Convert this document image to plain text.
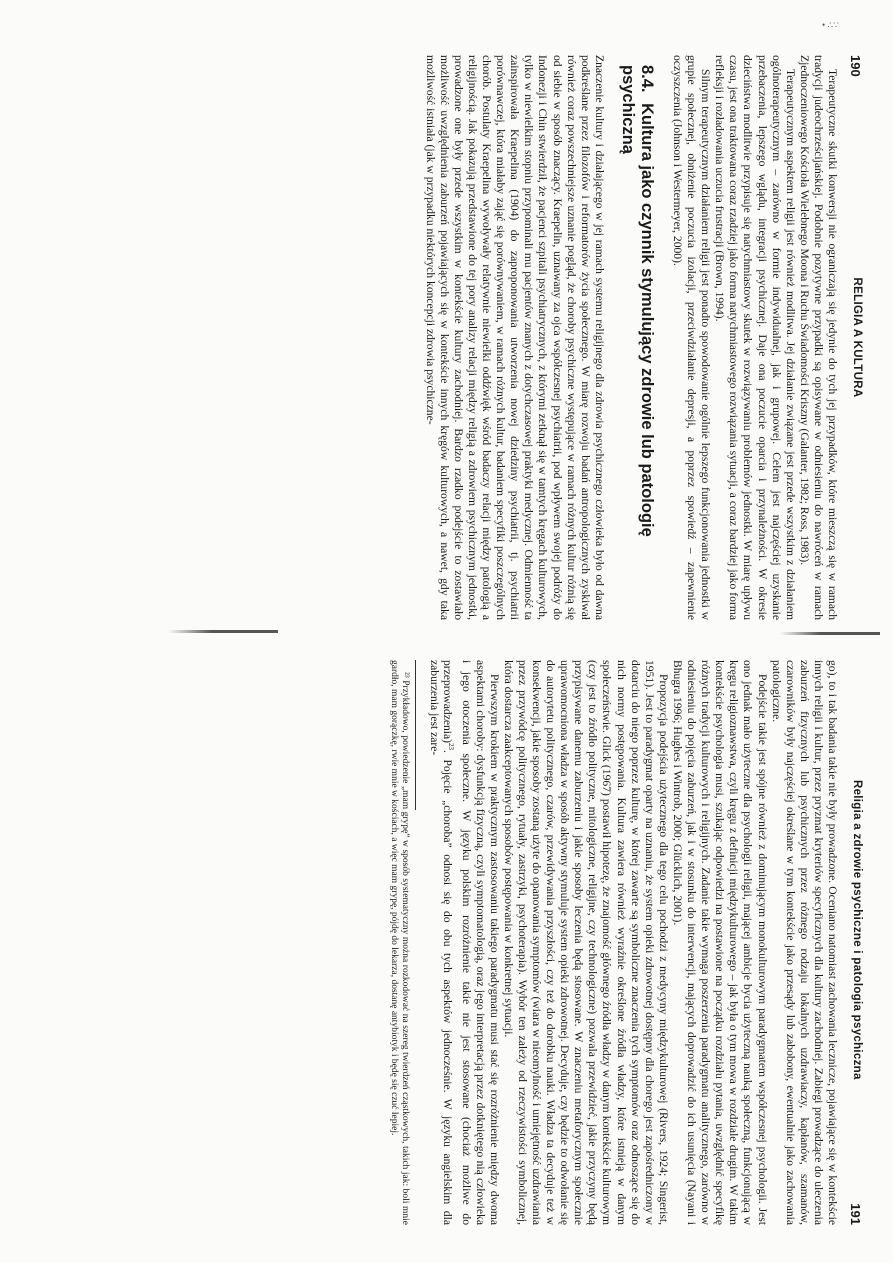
• ∴∵
190
RELIGIA A KULTURA

Terapeutyczne skutki konwersji nie ograniczają się jedynie do tych jej przypadków, które mieszczą się w ramach tradycji judeochrześcijańskiej. Podobnie pozytywne przypadki są opisywane w odniesieniu do nawróceń w ramach Zjednoczeniowego Kościoła Wielebnego Moona i Ruchu Świadomości Kriszny (Galanter, 1982; Ross, 1983).

Terapeutycznym aspektem religii jest również modlitwa. Jej działanie związane jest przede wszystkim z działaniem ogólnoterapeutycznym – zarówno w formie indywidualnej, jak i grupowej. Celem jest najczęściej uzyskanie przebaczenia, lepszego wglądu, integracji psychicznej. Daje ona poczucie oparcia i przynależności. W okresie dzieciństwa modlitwie przypisuje się natychmiastowy skutek w rozwiązywaniu problemów jednostki. W miarę upływu czasu, jest ona traktowana coraz rzadziej jako forma natychmiastowego rozwiązania sytuacji, a coraz bardziej jako forma refleksji i rozładowania uczucia frustracji (Brown, 1994).

Silnym terapeutycznym działaniem religii jest ponadto spowodowanie ogólnie lepszego funkcjonowania jednostki w grupie społecznej, obniżenie poczucia izolacji, przeciwdziałanie depresji, a poprzez spowiedź – zapewnienie oczyszczenia (Johnson i Westermeyer, 2000).

8.4. Kultura jako czynnik stymulujący zdrowie lub patologię psychiczną

Znaczenie kultury i działającego w jej ramach systemu religijnego dla zdrowia psychicznego człowieka było od dawna podkreślane przez filozofów i reformatorów życia społecznego. W miarę rozwoju badań antropologicznych zyskiwał również coraz powszechniejsze uznanie pogląd, że choroby psychiczne występujące w ramach różnych kultur różnią się od siebie w sposób znaczący. Kraepelin, uznawany za ojca współczesnej psychiatrii, pod wpływem swojej podróży do Indonezji i Chin stwierdził, że pacjenci szpitali psychiatrycznych, z którymi zetknął się w tamtych kręgach kulturowych, tylko w niewielkim stopniu przypominali mu pacjentów znanych z dotychczasowej praktyki medycznej. Odmienność ta zainspirowała Kraepelina (1904) do zaproponowania utworzenia nowej dziedziny psychiatrii, tj. psychiatrii porównawczej, która miałaby zająć się porównywaniem, w ramach różnych kultur, badaniem specyfiki poszczególnych chorób. Postulaty Kraepelina wywoływały relatywnie niewielki oddźwięk wśród badaczy relacji między patologią a religijnością. Jak pokazują przedstawione do tej pory analizy relacji między religią a zdrowiem psychicznym jednostki, prowadzone one były przede wszystkim w kontekście kultury zachodniej. Bardzo rzadko podejście to zostawiało możliwość uwzględnienia zaburzeń pojawiających się w kontekście innych kręgów kulturowych, a nawet, gdy taka możliwość istniała (jak w przypadku niektórych koncepcji zdrowia psychiczne-

Religia a zdrowie psychiczne i patologia psychiczna
191

go), to i tak badania takie nie były prowadzone. Oceniano natomiast zachowania lecznicze, pojawiające się w kontekście innych religii i kultur, przez pryzmat kryteriów specyficznych dla kultury zachodniej. Zabiegi prowadzące do uleczenia zaburzeń fizycznych lub psychicznych przez różnego rodzaju lokalnych uzdrawiaczy, kapłanów, szamanów, czarowników były najczęściej określane w tym kontekście jako przesądy lub zabobony, ewentualnie jako zachowania patologiczne.

Podejście takie jest spójne również z dominującym monokulturowym paradygmatem współczesnej psychologii. Jest ono jednak mało użyteczne dla psychologii religii, mającej ambicje bycia użyteczną nauką społeczną, funkcjonującą w kręgu religioznawstwa, czyli kręgu z definicji międzykulturowego – jak była o tym mowa w rozdziale drugim. W takim kontekście psychologia musi, szukając odpowiedzi na postawione na początku rozdziału pytania, uwzględnić specyfikę różnych tradycji kulturowych i religijnych. Zadanie takie wymaga poszerzenia paradygmatu analitycznego, zarówno w odniesieniu do pojęcia zaburzeń, jak i w stosunku do interwencji, mających doprowadzić do ich usunięcia (Nayani i Bhugra 1996; Hughes i Wintrob, 2000; Glücklich, 2001).

Propozycja podejścia użytecznego dla tego celu pochodzi z medycyny międzykulturowej (Rivers, 1924; Singerist, 1951). Jest to paradygmat oparty na uznaniu, że system opieki zdrowotnej dostępny dla chorego jest zapośredniczony w dotarciu do niego poprzez kulturę, w której zawarte są symboliczne znaczenia tych symptomów oraz odnoszące się do nich normy postępowania. Kultura zawiera również wyraźnie określone źródła władzy, które istnieją w danym społeczeństwie. Glick (1967) postawił hipotezę, że znajomość głównego źródła władzy w danym kontekście kulturowym (czy jest to źródło polityczne, mitologiczne, religijne, czy technologiczne) pozwala przewidzieć, jakie przyczyny będą przypisywane danemu zaburzeniu i jakie sposoby leczenia będą stosowane. W znaczeniu metaforycznym społecznie uprawomocniona władza w sposób aktywny stymuluje system opieki zdrowotnej. Decyduje, czy będzie to odwołanie się do autorytetu politycznego, czarów, przewidywania przyszłości, czy też do dorobku nauki. Władza ta decyduje też w konsekwencji, jakie sposoby zostaną użyte do opanowania symptomów (wiara w nieomylność i umiejętność uzdrawiania przez przywódcę politycznego, rytuały, zastrzyki, psychoterapia). Wybór ten zależy od rzeczywistości symbolicznej, która dostarcza zaakceptowanych sposobów postępowania w konkretnej sytuacji.

Pierwszym krokiem w praktycznym zastosowaniu takiego paradygmatu musi stać się rozróżnienie między dwoma aspektami choroby: dysfunkcją fizyczną, czyli symptomatologią, oraz jego interpretacją przez dotkniętego nią człowieka i jego otoczenia społeczne. W języku polskim rozróżnienie takie nie jest stosowane (chociaż możliwe do przeprowadzenia)$^{23}$. Pojęcie „choroba” odnosi się do obu tych aspektów jednocześnie. W języku angielskim dla zaburzenia jest zare-

²³ Przykładowo, powiedzenie „mam grypę” w sposób systematyczny można rozkodować na szereg twierdzeń cząstkowych, takich jak: boli mnie gardło, mam gorączkę, rwie mnie w kościach, a więc mam grypę, pójdę do lekarza, dostanę antybiotyk i będę się czuć lepiej.
